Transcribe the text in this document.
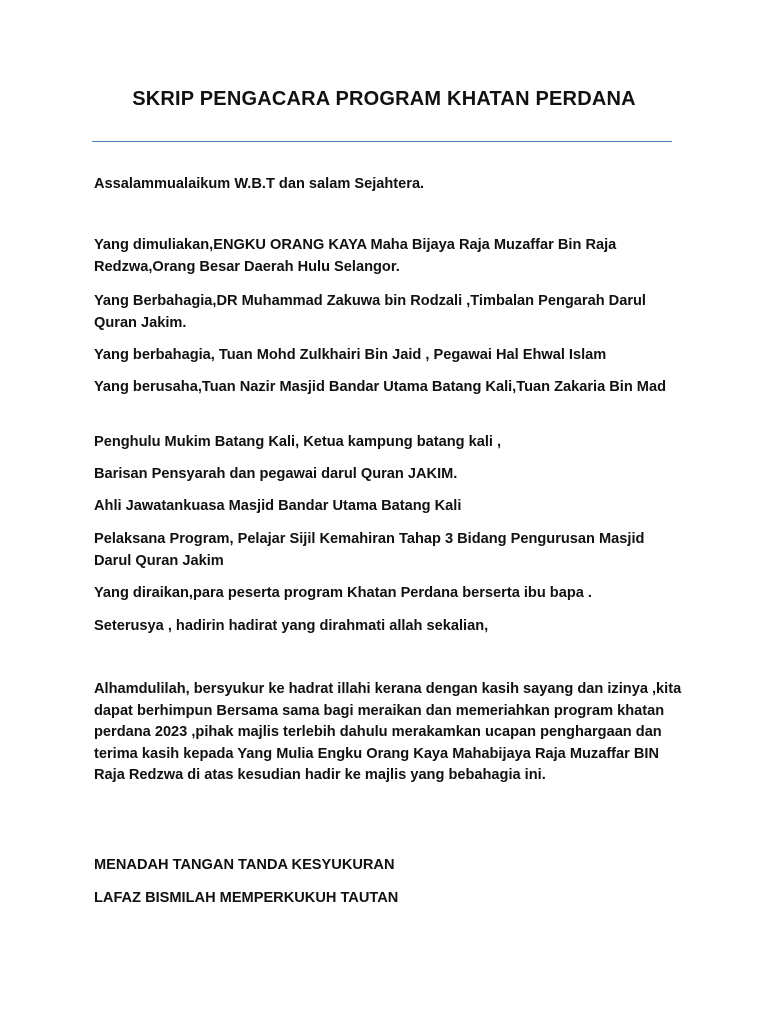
SKRIP PENGACARA PROGRAM KHATAN PERDANA
Assalammualaikum W.B.T dan salam Sejahtera.
Yang dimuliakan,ENGKU ORANG KAYA Maha Bijaya Raja Muzaffar Bin Raja Redzwa,Orang Besar Daerah Hulu Selangor.
Yang Berbahagia,DR Muhammad Zakuwa bin Rodzali ,Timbalan Pengarah Darul Quran Jakim.
Yang berbahagia, Tuan Mohd Zulkhairi Bin Jaid , Pegawai Hal Ehwal Islam
Yang berusaha,Tuan Nazir Masjid Bandar Utama Batang Kali,Tuan Zakaria Bin Mad
Penghulu Mukim Batang Kali, Ketua kampung batang kali ,
Barisan Pensyarah dan pegawai darul Quran JAKIM.
Ahli Jawatankuasa Masjid Bandar Utama Batang Kali
Pelaksana Program, Pelajar Sijil Kemahiran Tahap 3 Bidang Pengurusan Masjid Darul Quran Jakim
Yang diraikan,para peserta program Khatan Perdana berserta ibu bapa .
Seterusya , hadirin hadirat yang dirahmati allah sekalian,
Alhamdulilah, bersyukur ke hadrat illahi kerana dengan kasih sayang dan izinya ,kita dapat berhimpun Bersama sama bagi meraikan dan memeriahkan program khatan perdana 2023 ,pihak majlis terlebih dahulu merakamkan ucapan penghargaan dan terima kasih kepada Yang Mulia Engku Orang Kaya Mahabijaya Raja Muzaffar BIN Raja Redzwa di atas kesudian hadir ke majlis yang bebahagia ini.
MENADAH TANGAN TANDA KESYUKURAN
LAFAZ BISMILAH MEMPERKUKUH TAUTAN
